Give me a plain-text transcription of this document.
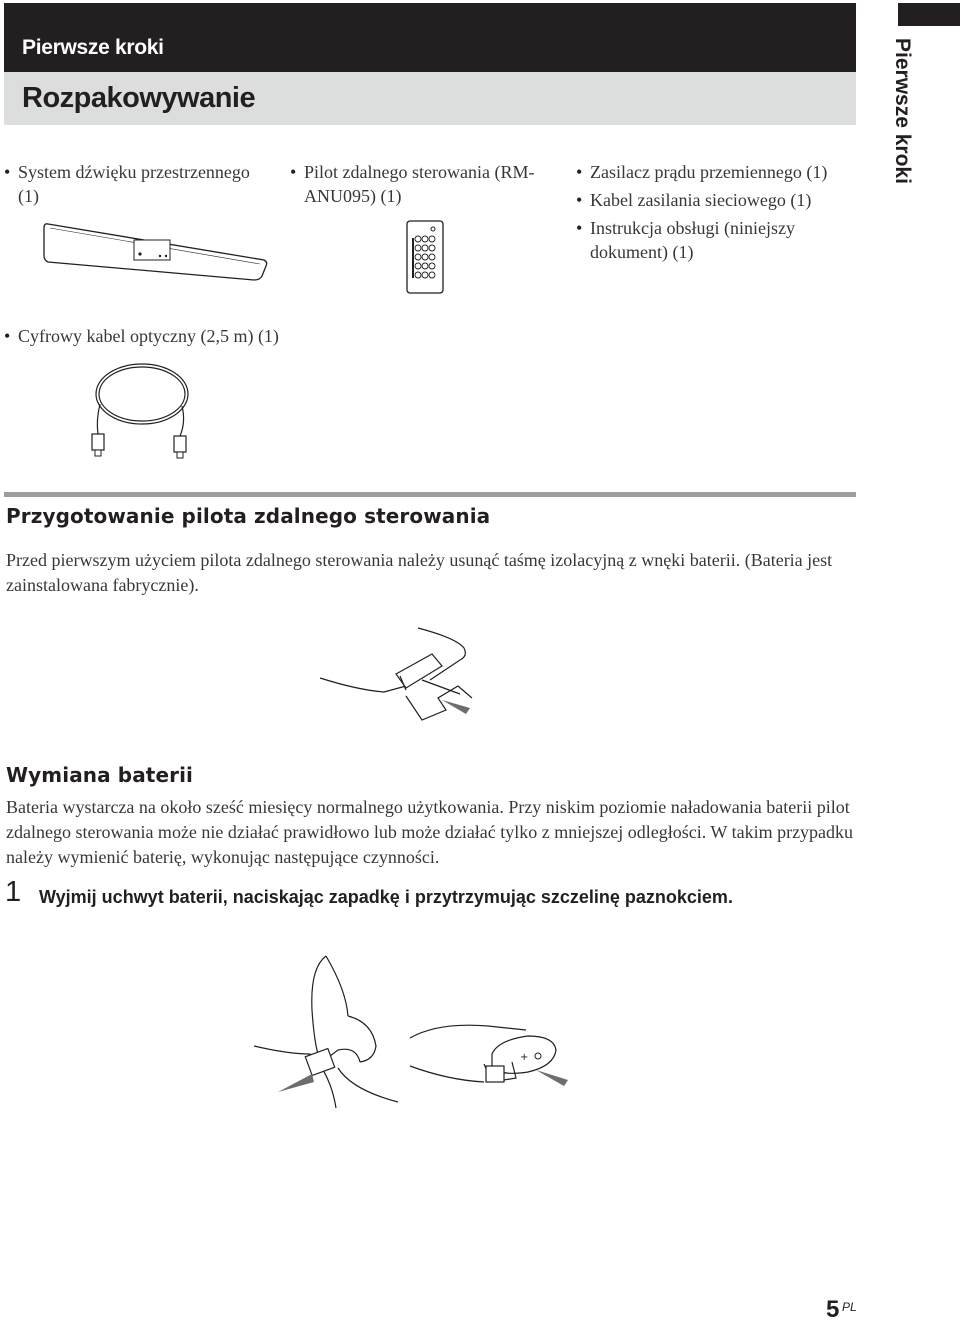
Pierwsze kroki
Rozpakowywanie	Pierwsze kroki
• System dźwięku przestrzennego (1)
• Pilot zdalnego sterowania (RM-ANU095) (1)
• Zasilacz prądu przemiennego (1)
• Kabel zasilania sieciowego (1)
• Instrukcja obsługi (niniejszy dokument) (1)
• Cyfrowy kabel optyczny (2,5 m) (1)
Przygotowanie pilota zdalnego sterowania
Przed pierwszym użyciem pilota zdalnego sterowania należy usunąć taśmę izolacyjną z wnęki baterii. (Bateria jest zainstalowana fabrycznie).
Wymiana baterii
Bateria wystarcza na około sześć miesięcy normalnego użytkowania. Przy niskim poziomie naładowania baterii pilot zdalnego sterowania może nie działać prawidłowo lub może działać tylko z mniejszej odległości. W takim przypadku należy wymienić baterię, wykonując następujące czynności.
1 Wyjmij uchwyt baterii, naciskając zapadkę i przytrzymując szczelinę paznokciem.
+
5 PL
